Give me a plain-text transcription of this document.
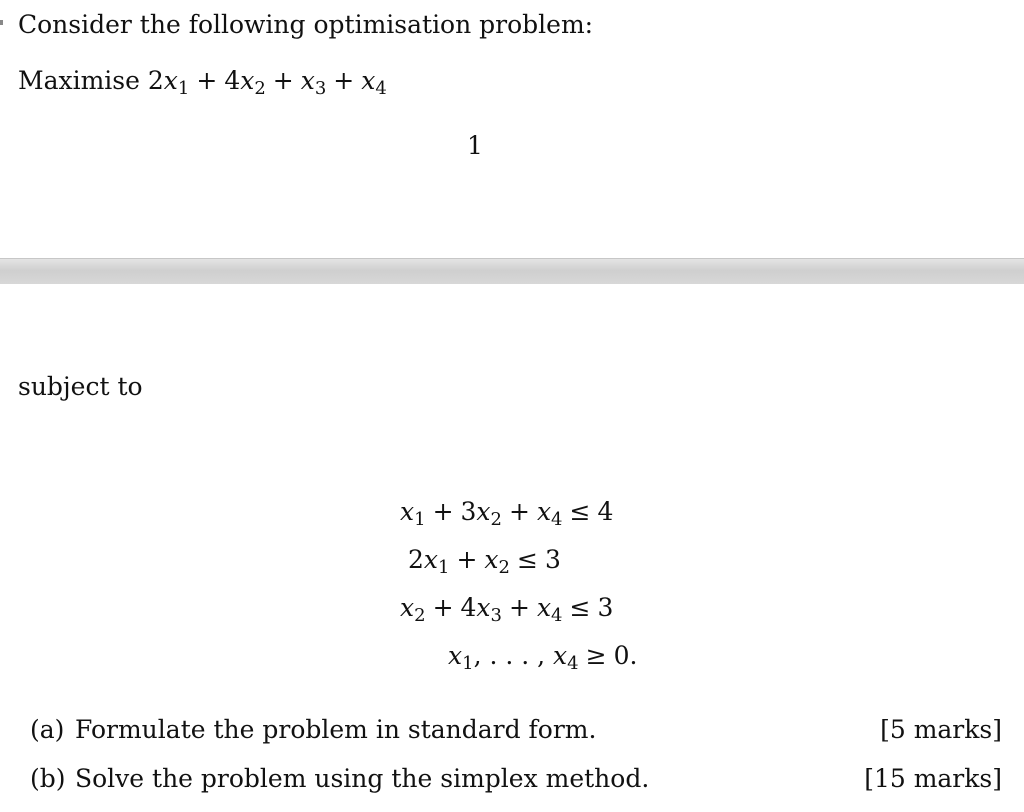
Consider the following optimisation problem:
Maximise $2x_1 + 4x_2 + x_3 + x_4$
1
subject to
$x_1 + 3x_2 + x_4 \le 4$
$2x_1 + x_2 \le 3$
$x_2 + 4x_3 + x_4 \le 3$
$x_1$, . . . , $x_4 \ge 0$.
(a) Formulate the problem in standard form.	[5 marks]
(b) Solve the problem using the simplex method.	[15 marks]
